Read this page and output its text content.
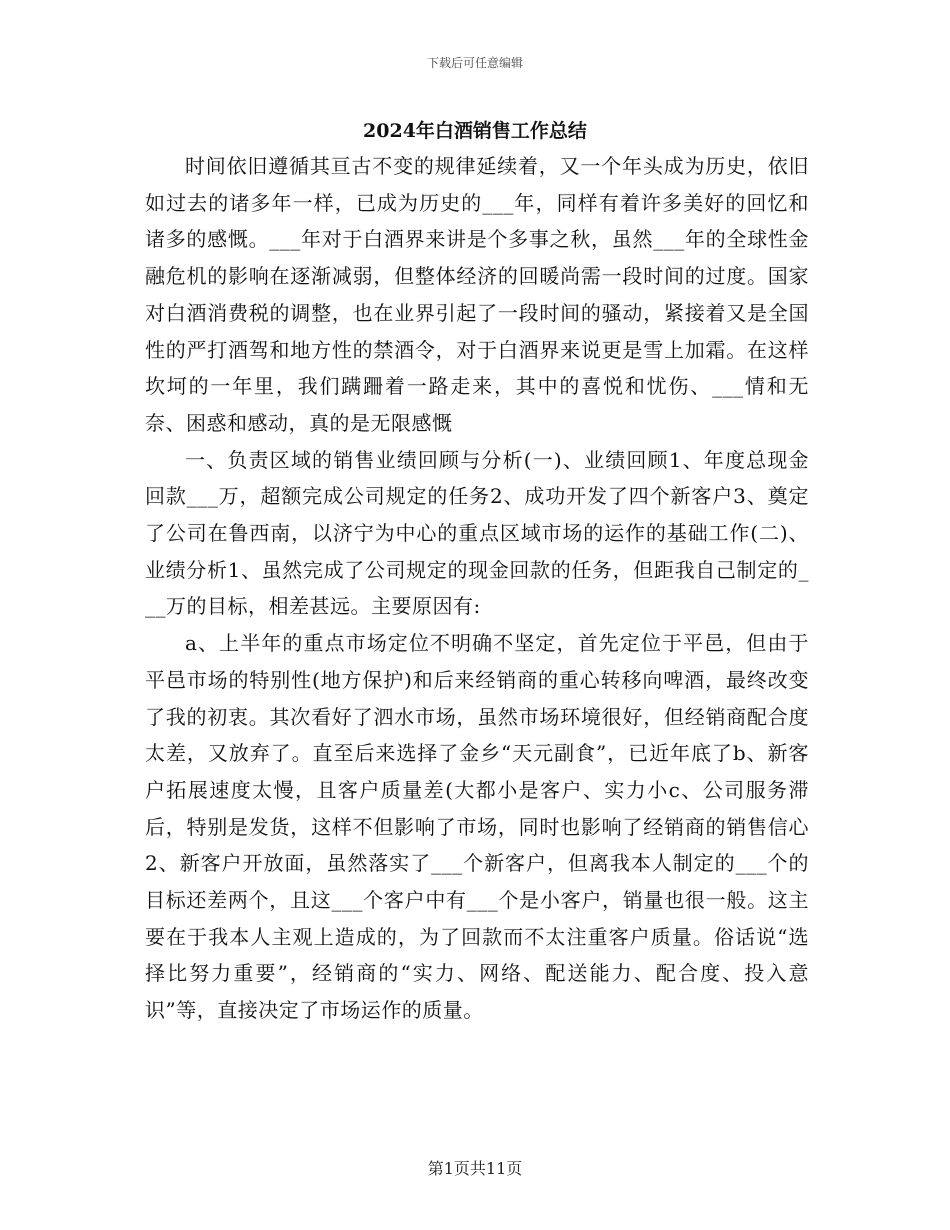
下载后可任意编辑
2024年白酒销售工作总结

时间依旧遵循其亘古不变的规律延续着，又一个年头成为历史，依旧如过去的诸多年一样，已成为历史的___年，同样有着许多美好的回忆和诸多的感慨。___年对于白酒界来讲是个多事之秋，虽然___年的全球性金融危机的影响在逐渐减弱，但整体经济的回暖尚需一段时间的过度。国家对白酒消费税的调整，也在业界引起了一段时间的骚动，紧接着又是全国性的严打酒驾和地方性的禁酒令，对于白酒界来说更是雪上加霜。在这样坎坷的一年里，我们蹒跚着一路走来，其中的喜悦和忧伤、___情和无奈、困惑和感动，真的是无限感慨

一、负责区域的销售业绩回顾与分析(一)、业绩回顾1、年度总现金回款___万，超额完成公司规定的任务2、成功开发了四个新客户3、奠定了公司在鲁西南，以济宁为中心的重点区域市场的运作的基础工作(二)、业绩分析1、虽然完成了公司规定的现金回款的任务，但距我自己制定的___万的目标，相差甚远。主要原因有:

a、上半年的重点市场定位不明确不坚定，首先定位于平邑，但由于平邑市场的特别性(地方保护)和后来经销商的重心转移向啤酒，最终改变了我的初衷。其次看好了泗水市场，虽然市场环境很好，但经销商配合度太差，又放弃了。直至后来选择了金乡“天元副食”，已近年底了b、新客户拓展速度太慢，且客户质量差(大都小是客户、实力小c、公司服务滞后，特别是发货，这样不但影响了市场，同时也影响了经销商的销售信心2、新客户开放面，虽然落实了___个新客户，但离我本人制定的___个的目标还差两个，且这___个客户中有___个是小客户，销量也很一般。这主要在于我本人主观上造成的，为了回款而不太注重客户质量。俗话说“选择比努力重要”，经销商的“实力、网络、配送能力、配合度、投入意识”等，直接决定了市场运作的质量。

第1页共11页
